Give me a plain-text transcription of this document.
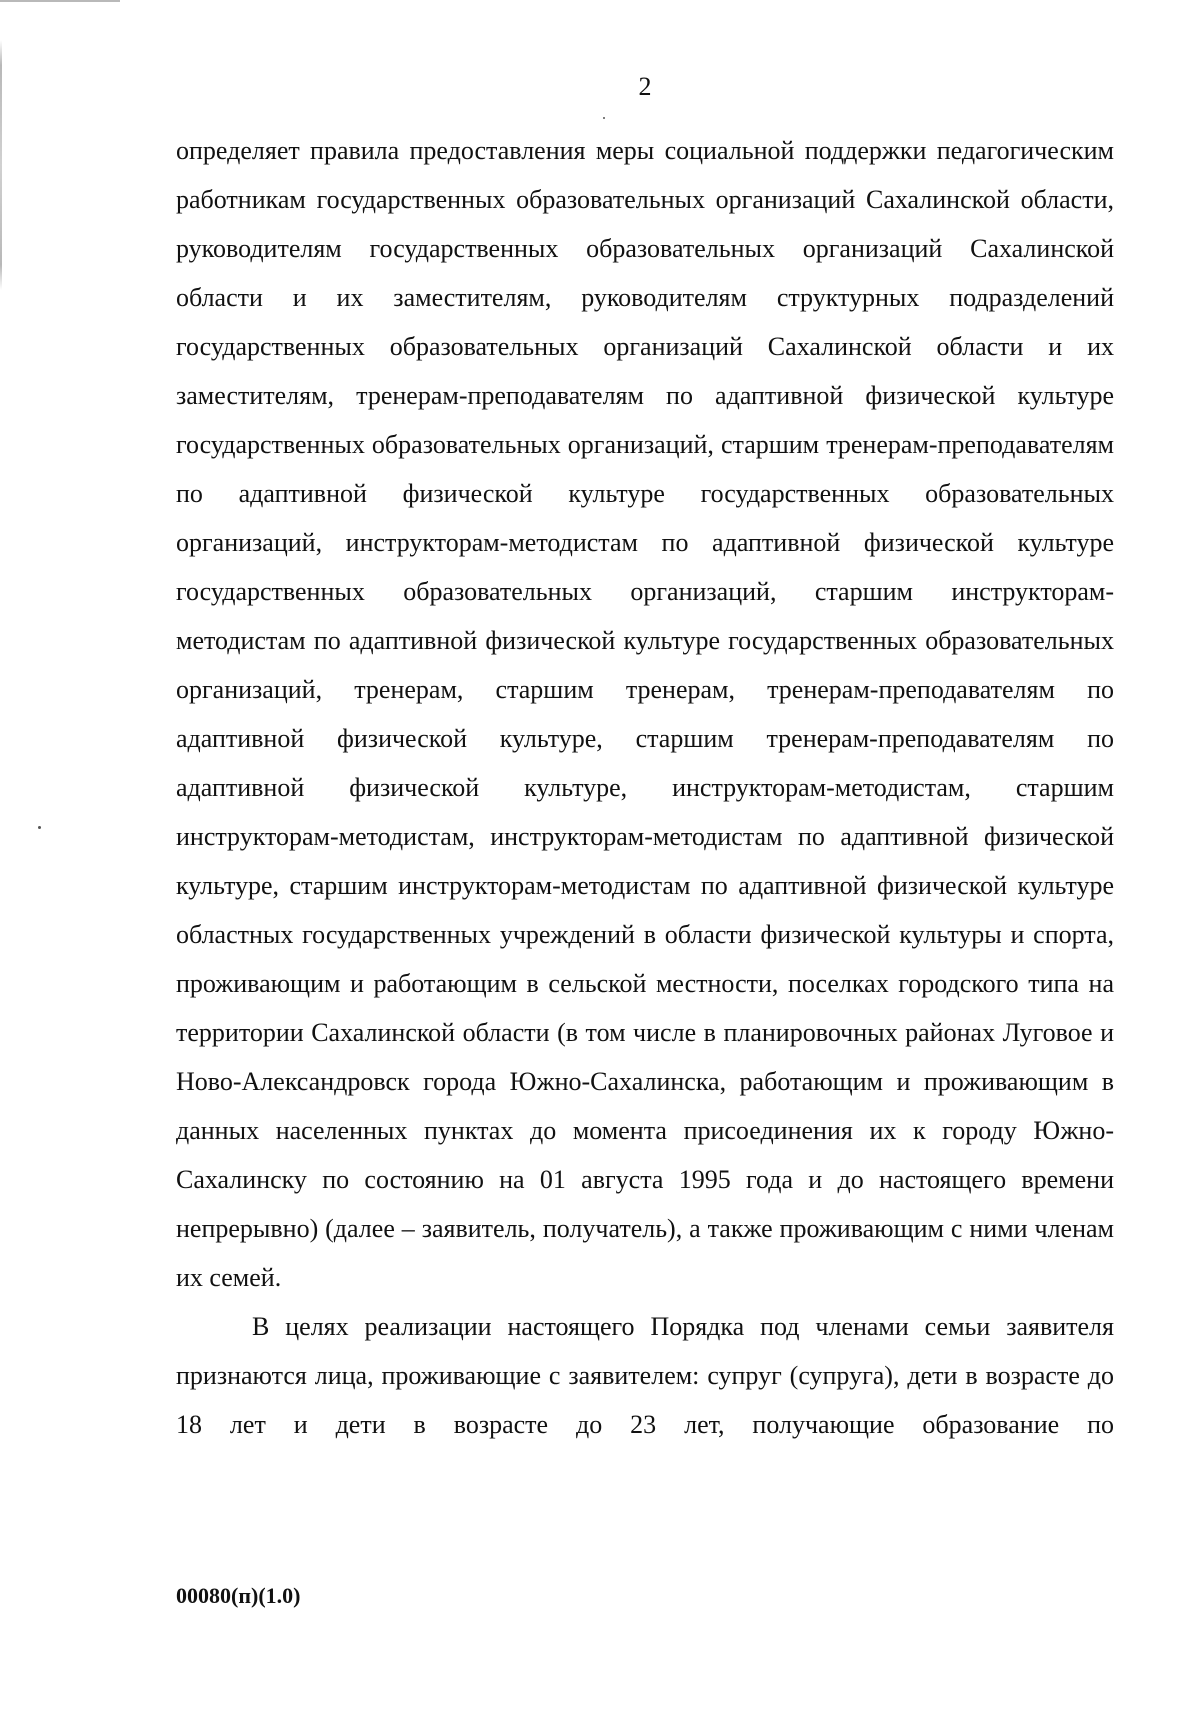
2

определяет правила предоставления меры социальной поддержки педагогическим работникам государственных образовательных организаций Сахалинской области, руководителям государственных образовательных организаций Сахалинской области и их заместителям, руководителям структурных подразделений государственных образовательных организаций Сахалинской области и их заместителям, тренерам-преподавателям по адаптивной физической культуре государственных образовательных организаций, старшим тренерам-преподавателям по адаптивной физической культуре государственных образовательных организаций, инструкторам-методистам по адаптивной физической культуре государственных образовательных организаций, старшим инструкторам-методистам по адаптивной физической культуре государственных образовательных организаций, тренерам, старшим тренерам, тренерам-преподавателям по адаптивной физической культуре, старшим тренерам-преподавателям по адаптивной физической культуре, инструкторам-методистам, старшим инструкторам-методистам, инструкторам-методистам по адаптивной физической культуре, старшим инструкторам-методистам по адаптивной физической культуре областных государственных учреждений в области физической культуры и спорта, проживающим и работающим в сельской местности, поселках городского типа на территории Сахалинской области (в том числе в планировочных районах Луговое и Ново-Александровск города Южно-Сахалинска, работающим и проживающим в данных населенных пунктах до момента присоединения их к городу Южно-Сахалинску по состоянию на 01 августа 1995 года и до настоящего времени непрерывно) (далее – заявитель, получатель), а также проживающим с ними членам их семей.

В целях реализации настоящего Порядка под членами семьи заявителя признаются лица, проживающие с заявителем: супруг (супруга), дети в возрасте до 18 лет и дети в возрасте до 23 лет, получающие образование по

00080(п)(1.0)
